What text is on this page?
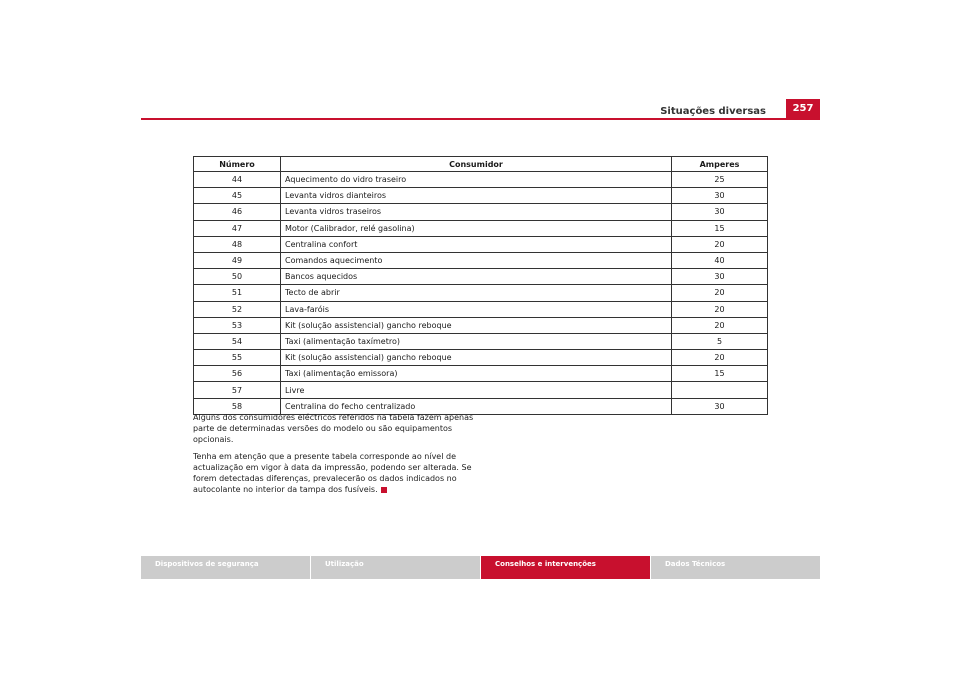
Situações diversas	257
Número	Consumidor	Amperes
44	Aquecimento do vidro traseiro	25
45	Levanta vidros dianteiros	30
46	Levanta vidros traseiros	30
47	Motor (Calibrador, relé gasolina)	15
48	Centralina confort	20
49	Comandos aquecimento	40
50	Bancos aquecidos	30
51	Tecto de abrir	20
52	Lava-faróis	20
53	Kit (solução assistencial) gancho reboque	20
54	Taxi (alimentação taxímetro)	5
55	Kit (solução assistencial) gancho reboque	20
56	Taxi (alimentação emissora)	15
57	Livre	
58	Centralina do fecho centralizado	30

Alguns dos consumidores eléctricos referidos na tabela fazem apenas parte de determinadas versões do modelo ou são equipamentos opcionais.

Tenha em atenção que a presente tabela corresponde ao nível de actualização em vigor à data da impressão, podendo ser alterada. Se forem detectadas diferenças, prevalecerão os dados indicados no autocolante no interior da tampa dos fusíveis.

Dispositivos de segurança	Utilização	Conselhos e intervenções	Dados Técnicos
